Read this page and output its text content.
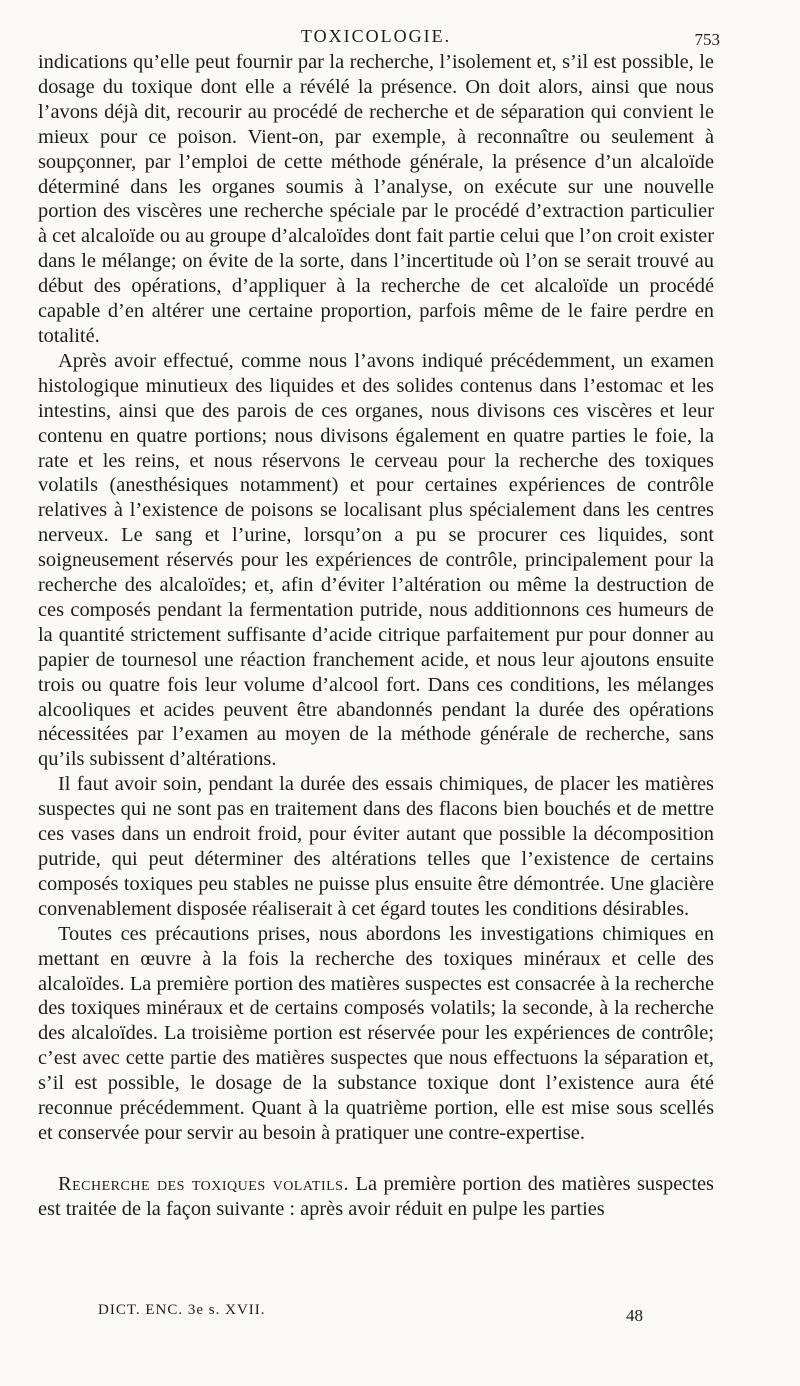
TOXICOLOGIE.	753

indications qu’elle peut fournir par la recherche, l’isolement et, s’il est possible, le dosage du toxique dont elle a révélé la présence. On doit alors, ainsi que nous l’avons déjà dit, recourir au procédé de recherche et de séparation qui convient le mieux pour ce poison. Vient-on, par exemple, à reconnaître ou seulement à soupçonner, par l’emploi de cette méthode générale, la présence d’un alcaloïde déterminé dans les organes soumis à l’analyse, on exécute sur une nouvelle portion des viscères une recherche spéciale par le procédé d’extraction particulier à cet alcaloïde ou au groupe d’alcaloïdes dont fait partie celui que l’on croit exister dans le mélange; on évite de la sorte, dans l’incertitude où l’on se serait trouvé au début des opérations, d’appliquer à la recherche de cet alcaloïde un procédé capable d’en altérer une certaine proportion, parfois même de le faire perdre en totalité.

Après avoir effectué, comme nous l’avons indiqué précédemment, un examen histologique minutieux des liquides et des solides contenus dans l’estomac et les intestins, ainsi que des parois de ces organes, nous divisons ces viscères et leur contenu en quatre portions; nous divisons également en quatre parties le foie, la rate et les reins, et nous réservons le cerveau pour la recherche des toxiques volatils (anesthésiques notamment) et pour certaines expériences de contrôle relatives à l’existence de poisons se localisant plus spécialement dans les centres nerveux. Le sang et l’urine, lorsqu’on a pu se procurer ces liquides, sont soigneusement réservés pour les expériences de contrôle, principalement pour la recherche des alcaloïdes; et, afin d’éviter l’altération ou même la destruction de ces composés pendant la fermentation putride, nous additionnons ces humeurs de la quantité strictement suffisante d’acide citrique parfaitement pur pour donner au papier de tournesol une réaction franchement acide, et nous leur ajoutons ensuite trois ou quatre fois leur volume d’alcool fort. Dans ces conditions, les mélanges alcooliques et acides peuvent être abandonnés pendant la durée des opérations nécessitées par l’examen au moyen de la méthode générale de recherche, sans qu’ils subissent d’altérations.

Il faut avoir soin, pendant la durée des essais chimiques, de placer les matières suspectes qui ne sont pas en traitement dans des flacons bien bouchés et de mettre ces vases dans un endroit froid, pour éviter autant que possible la décomposition putride, qui peut déterminer des altérations telles que l’existence de certains composés toxiques peu stables ne puisse plus ensuite être démontrée. Une glacière convenablement disposée réaliserait à cet égard toutes les conditions désirables.

Toutes ces précautions prises, nous abordons les investigations chimiques en mettant en œuvre à la fois la recherche des toxiques minéraux et celle des alcaloïdes. La première portion des matières suspectes est consacrée à la recherche des toxiques minéraux et de certains composés volatils; la seconde, à la recherche des alcaloïdes. La troisième portion est réservée pour les expériences de contrôle; c’est avec cette partie des matières suspectes que nous effectuons la séparation et, s’il est possible, le dosage de la substance toxique dont l’existence aura été reconnue précédemment. Quant à la quatrième portion, elle est mise sous scellés et conservée pour servir au besoin à pratiquer une contre-expertise.

Recherche des toxiques volatils. La première portion des matières suspectes est traitée de la façon suivante : après avoir réduit en pulpe les parties

DICT. ENC. 3e s. XVII.	48
